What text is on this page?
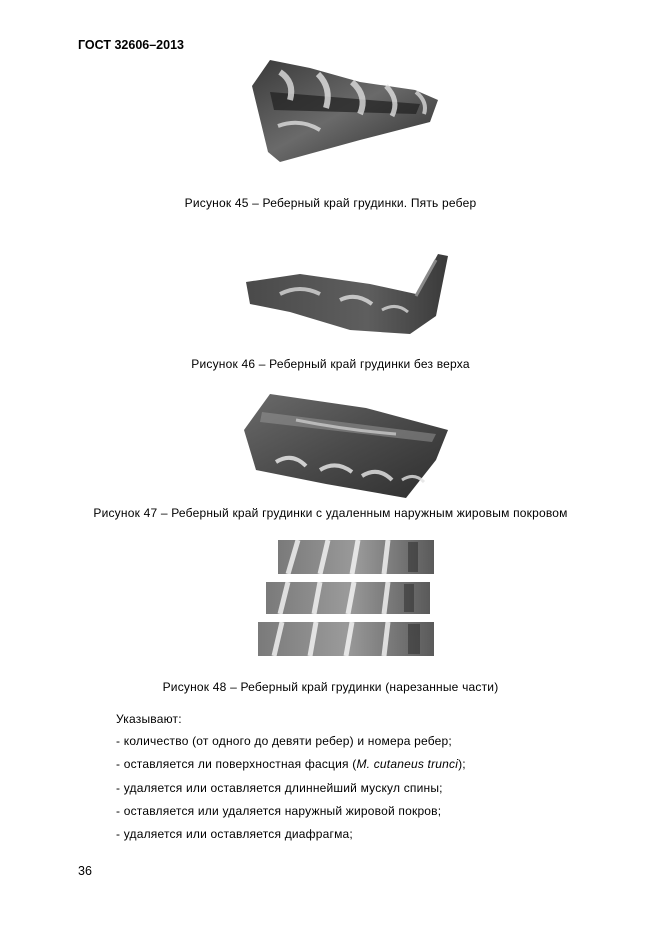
ГОСТ 32606–2013
Рисунок 45 – Реберный край грудинки. Пять ребер
Рисунок 46 – Реберный край грудинки без верха
Рисунок 47 – Реберный край грудинки с удаленным наружным жировым покровом
Рисунок 48 – Реберный край грудинки (нарезанные части)
Указывают:
- количество (от одного до девяти ребер) и номера ребер;
- оставляется ли поверхностная фасция (M. cutaneus trunci);
- удаляется или оставляется длиннейший мускул спины;
- оставляется или удаляется наружный жировой покров;
- удаляется или оставляется диафрагма;
36
